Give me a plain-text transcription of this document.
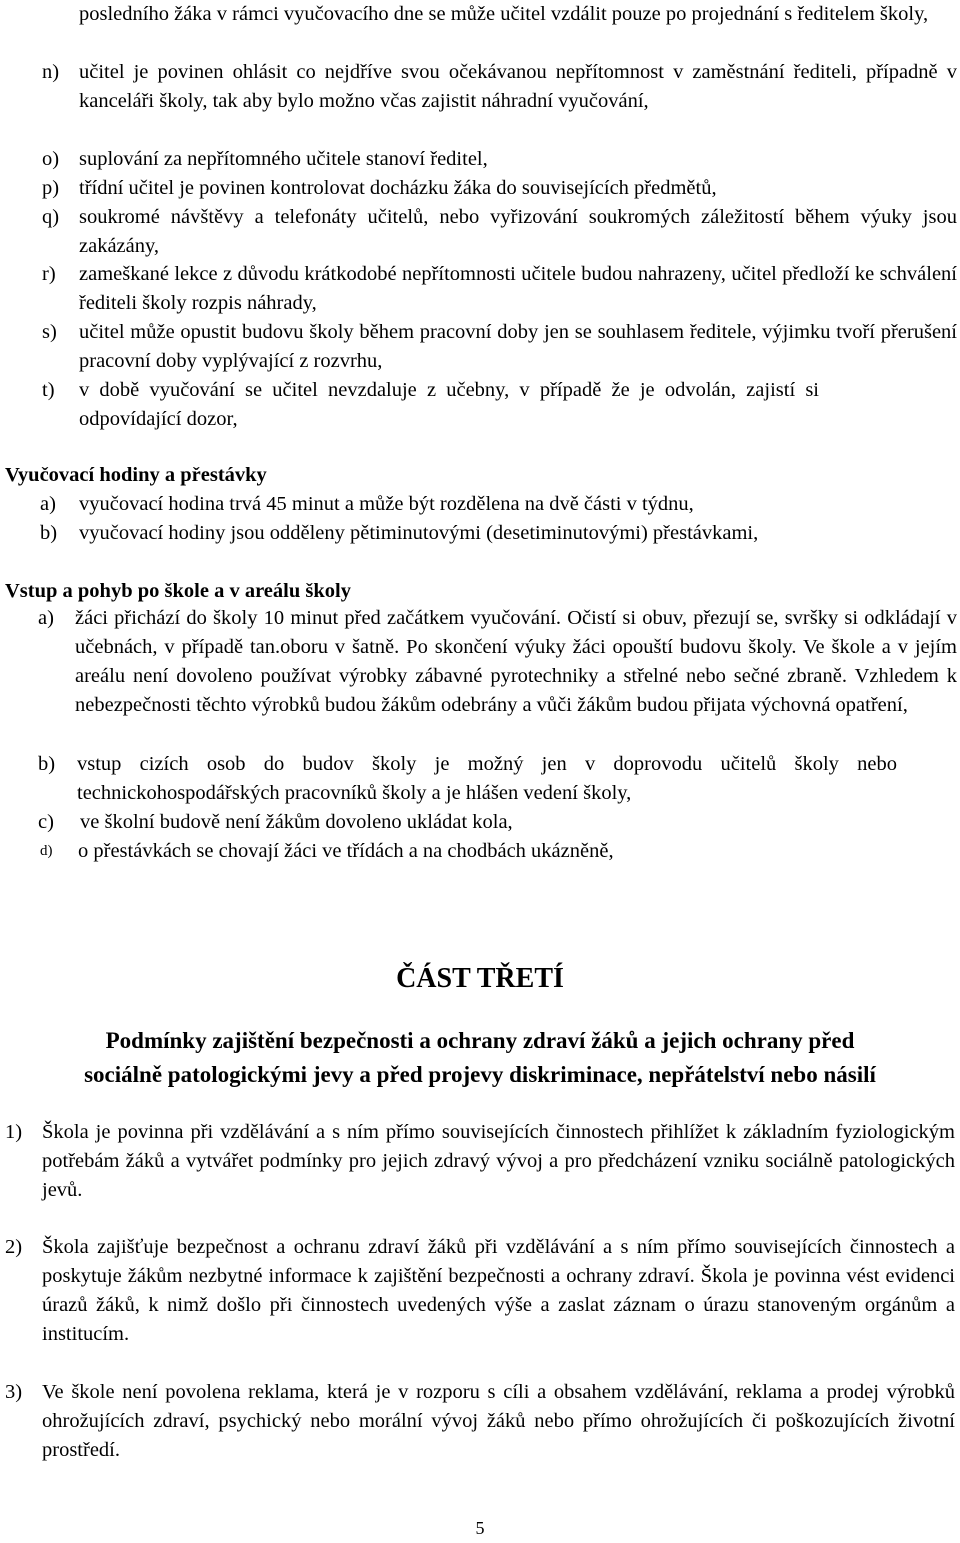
posledního žáka v rámci vyučovacího dne se může učitel vzdálit pouze po projednání s ředitelem školy,
n) učitel je povinen ohlásit co nejdříve svou očekávanou nepřítomnost v zaměstnání řediteli, případně v kanceláři školy, tak aby bylo možno včas zajistit náhradní vyučování,
o) suplování za nepřítomného učitele stanoví ředitel,
p) třídní učitel je povinen kontrolovat docházku žáka do souvisejících předmětů,
q) soukromé návštěvy a telefonáty učitelů, nebo vyřizování soukromých záležitostí během výuky jsou zakázány,
r)	zameškané lekce z důvodu krátkodobé nepřítomnosti učitele budou nahrazeny, učitel předloží ke schválení řediteli školy rozpis náhrady,
s)	učitel může opustit budovu školy během pracovní doby jen se souhlasem ředitele, výjimku tvoří přerušení pracovní doby vyplývající z rozvrhu,
t)	v době vyučování se učitel nevzdaluje z učebny, v případě že je odvolán, zajistí si odpovídající dozor,
Vyučovací hodiny a přestávky
a)	vyučovací hodina trvá 45 minut a může být rozdělena na dvě části v týdnu,
b)	vyučovací hodiny jsou odděleny pětiminutovými (desetiminutovými) přestávkami,
Vstup a pohyb po škole a v areálu školy
a)	žáci přichází do školy 10 minut před začátkem vyučování. Očistí si obuv, přezují se, svršky si odkládají v učebnách, v případě tan.oboru v šatně. Po skončení výuky žáci opouští budovu školy. Ve škole a v jejím areálu není dovoleno používat výrobky zábavné pyrotechniky a střelné nebo sečné zbraně. Vzhledem k nebezpečnosti těchto výrobků budou žákům odebrány a vůči žákům budou přijata výchovná opatření,
b)	vstup cizích osob do budov školy je možný jen v doprovodu učitelů školy nebo technickohospodářských pracovníků školy a je hlášen vedení školy,
c)	ve školní budově není žákům dovoleno ukládat kola,
d)	o přestávkách se chovají žáci ve třídách a na chodbách ukázněně,
ČÁST TŘETÍ
Podmínky zajištění bezpečnosti a ochrany zdraví žáků a jejich ochrany před
sociálně patologickými jevy a před projevy diskriminace, nepřátelství nebo násilí
1) Škola je povinna při vzdělávání a s ním přímo souvisejících činnostech přihlížet k základním fyziologickým potřebám žáků a vytvářet podmínky pro jejich zdravý vývoj a pro předcházení vzniku sociálně patologických jevů.
2) Škola zajišťuje bezpečnost a ochranu zdraví žáků při vzdělávání a s ním přímo souvisejících činnostech a poskytuje žákům nezbytné informace k zajištění bezpečnosti a ochrany zdraví. Škola je povinna vést evidenci úrazů žáků, k nimž došlo při činnostech uvedených výše a zaslat záznam o úrazu stanoveným orgánům a institucím.
3) Ve škole není povolena reklama, která je v rozporu s cíli a obsahem vzdělávání, reklama a prodej výrobků ohrožujících zdraví, psychický nebo morální vývoj žáků nebo přímo ohrožujících či poškozujících životní prostředí.
5
